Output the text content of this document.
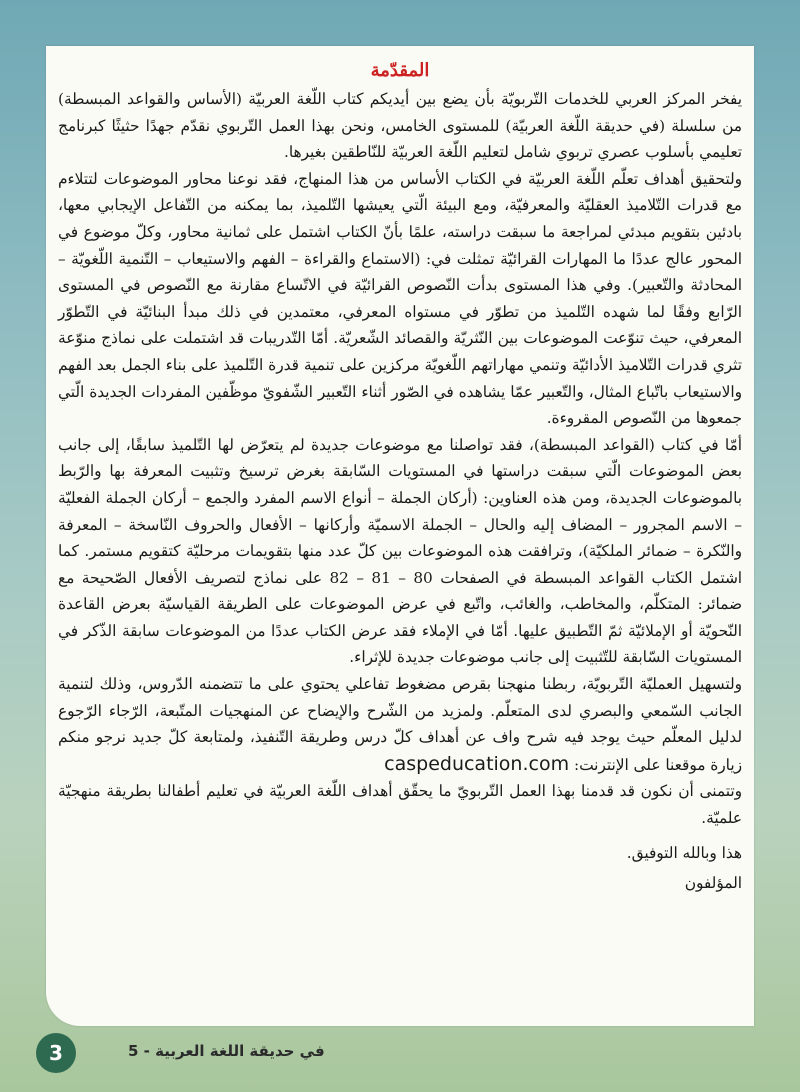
المقدّمة

يفخر المركز العربي للخدمات التّربويّة بأن يضع بين أيديكم كتاب اللّغة العربيّة (الأساس والقواعد المبسطة) من سلسلة (في حديقة اللّغة العربيّة) للمستوى الخامس، ونحن بهذا العمل التّربوي نقدّم جهدًا حثيثًا كبرنامج تعليمي بأسلوب عصري تربوي شامل لتعليم اللّغة العربيّة للنّاطقين بغيرها.

ولتحقيق أهداف تعلّم اللّغة العربيّة في الكتاب الأساس من هذا المنهاج، فقد نوعنا محاور الموضوعات لتتلاءم مع قدرات التّلاميذ العقليّة والمعرفيّة، ومع البيئة الّتي يعيشها التّلميذ، بما يمكنه من التّفاعل الإيجابي معها، بادئين بتقويم مبدئي لمراجعة ما سبقت دراسته، علمًا بأنّ الكتاب اشتمل على ثمانية محاور، وكلّ موضوع في المحور عالج عددًا ما المهارات القرائيّة تمثلت في: (الاستماع والقراءة – الفهم والاستيعاب – التّنمية اللّغويّة – المحادثة والتّعبير). وفي هذا المستوى بدأت النّصوص القرائيّة في الاتّساع مقارنة مع النّصوص في المستوى الرّابع وفقًا لما شهده التّلميذ من تطوّر في مستواه المعرفي، معتمدين في ذلك مبدأ البنائيّة في التّطوّر المعرفي، حيث تنوّعت الموضوعات بين النّثريّة والقصائد الشّعريّة. أمّا التّدريبات قد اشتملت على نماذج منوّعة تثري قدرات التّلاميذ الأدائيّة وتنمي مهاراتهم اللّغويّة مركزين على تنمية قدرة التّلميذ على بناء الجمل بعد الفهم والاستيعاب باتّباع المثال، والتّعبير عمّا يشاهده في الصّور أثناء التّعبير الشّفويّ موظّفين المفردات الجديدة الّتي جمعوها من النّصوص المقروءة.

أمّا في كتاب (القواعد المبسطة)، فقد تواصلنا مع موضوعات جديدة لم يتعرّض لها التّلميذ سابقًا، إلى جانب بعض الموضوعات الّتي سبقت دراستها في المستويات السّابقة بغرض ترسيخ وتثبيت المعرفة بها والرّبط بالموضوعات الجديدة، ومن هذه العناوين: (أركان الجملة – أنواع الاسم المفرد والجمع – أركان الجملة الفعليّة – الاسم المجرور – المضاف إليه والحال – الجملة الاسميّة وأركانها – الأفعال والحروف النّاسخة – المعرفة والنّكرة – ضمائر الملكيّة)، وترافقت هذه الموضوعات بين كلّ عدد منها بتقويمات مرحليّة كتقويم مستمر. كما اشتمل الكتاب القواعد المبسطة في الصفحات 80 – 81 – 82 على نماذج لتصريف الأفعال الصّحيحة مع ضمائر: المتكلّم، والمخاطب، والغائب، واتّبع في عرض الموضوعات على الطريقة القياسيّة بعرض القاعدة النّحويّة أو الإملائيّة ثمّ التّطبيق عليها. أمّا في الإملاء فقد عرض الكتاب عددًا من الموضوعات سابقة الذّكر في المستويات السّابقة للتّثبيت إلى جانب موضوعات جديدة للإثراء.

ولتسهيل العمليّة التّربويّة، ربطنا منهجنا بقرص مضغوط تفاعلي يحتوي على ما تتضمنه الدّروس، وذلك لتنمية الجانب السّمعي والبصري لدى المتعلّم. ولمزيد من الشّرح والإيضاح عن المنهجيات المتّبعة، الرّجاء الرّجوع لدليل المعلّم حيث يوجد فيه شرح واف عن أهداف كلّ درس وطريقة التّنفيذ، ولمتابعة كلّ جديد نرجو منكم زيارة موقعنا على الإنترنت: caspeducation.com

وتتمنى أن نكون قد قدمنا بهذا العمل التّربويّ ما يحقّق أهداف اللّغة العربيّة في تعليم أطفالنا بطريقة منهجيّة علميّة.

هذا وبالله التوفيق.
المؤلفون
3	في حديقة اللغة العربية - 5
